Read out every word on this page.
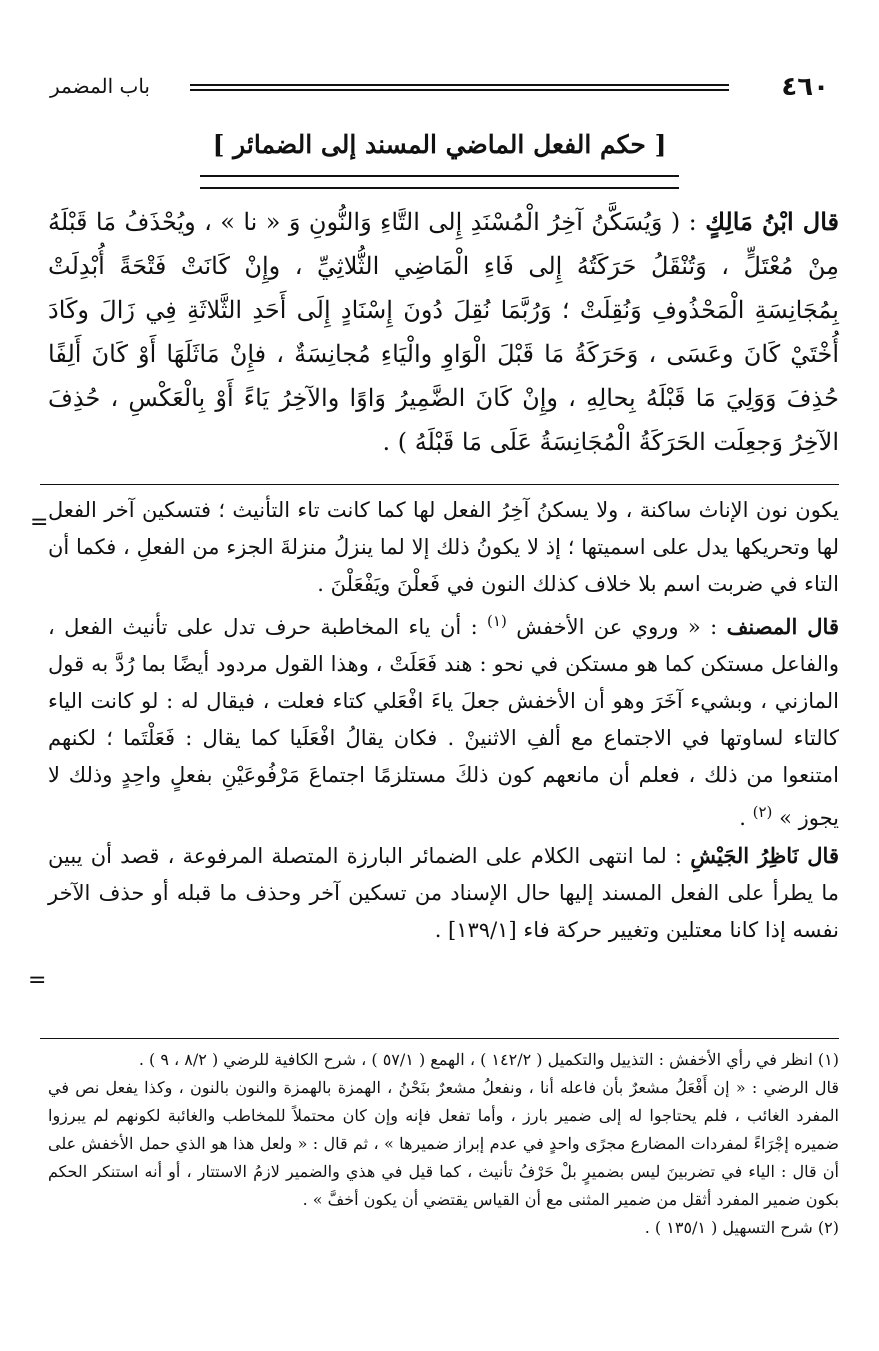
٤٦٠
باب المضمر
[ حكم الفعل الماضي المسند إلى الضمائر ]

قال ابْنُ مَالِكٍ : ( وَيُسَكَّنُ آخِرُ الْمُسْنَدِ إِلى التَّاءِ وَالنُّونِ وَ « نا » ، ويُحْذَفُ مَا قَبْلَهُ مِنْ مُعْتَلٍّ ، وَتُنْقَلُ حَرَكَتُهُ إِلى فَاءِ الْمَاضِي الثُّلاثِيِّ ، وإِنْ كَانَتْ فَتْحَةً أُبْدِلَتْ بِمُجَانِسَةِ الْمَحْذُوفِ وَنُقِلَتْ ؛ وَرُبَّمَا نُقِلَ دُونَ إِسْنَادٍ إِلَى أَحَدِ الثَّلاثَةِ فِي زَالَ وكَادَ أُخْتَيْ كَانَ وعَسَى ، وَحَرَكَةُ مَا قَبْلَ الْوَاوِ والْيَاءِ مُجانِسَةٌ ، فإِنْ مَاثَلَهَا أَوْ كَانَ أَلِفًا حُذِفَ وَوَلِيَ مَا قَبْلَهُ بِحالِهِ ، وإِنْ كَانَ الضَّمِيرُ وَاوًا والآخِرُ يَاءً أَوْ بِالْعَكْسِ ، حُذِفَ الآخِرُ وَجعِلَت الحَرَكَةُ الْمُجَانِسَةُ عَلَى مَا قَبْلَهُ ) .

= يكون نون الإناث ساكنة ، ولا يسكنُ آخِرُ الفعل لها كما كانت تاء التأنيث ؛ فتسكين آخر الفعل لها وتحريكها يدل على اسميتها ؛ إذ لا يكونُ ذلك إلا لما ينزلُ منزلةَ الجزء من الفعلِ ، فكما أن التاء في ضربت اسم بلا خلاف كذلك النون في فَعلْنَ ويَفْعَلْنَ .

قال المصنف : « وروي عن الأخفش $^{(١)}$ : أن ياء المخاطبة حرف تدل على تأنيث الفعل ، والفاعل مستكن كما هو مستكن في نحو : هند فَعَلَتْ ، وهذا القول مردود أيضًا بما رُدَّ به قول المازني ، وبشيء آخَرَ وهو أن الأخفش جعلَ ياءَ افْعَلي كتاء فعلت ، فيقال له : لو كانت الياء كالتاء لساوتها في الاجتماع مع ألفِ الاثنينْ . فكان يقالُ افْعَلَيا كما يقال : فَعَلْتَما ؛ لكنهم امتنعوا من ذلك ، فعلم أن مانعهم كون ذلكَ مستلزمًا اجتماعَ مَرْفُوعَيْنِ بفعلٍ واحِدٍ وذلك لا يجوز » $^{(٢)}$ .

قال نَاظِرُ الجَيْشِ : لما انتهى الكلام على الضمائر البارزة المتصلة المرفوعة ، قصد أن يبين ما يطرأ على الفعل المسند إليها حال الإسناد من تسكين آخر وحذف ما قبله أو حذف الآخر نفسه إذا كانا معتلين وتغيير حركة فاء [١٣٩/١] .

=

(١) انظر في رأي الأخفش : التذييل والتكميل ( ١٤٢/٢ ) ، الهمع ( ٥٧/١ ) ، شرح الكافية للرضي ( ٨/٢ ، ٩ ) .

قال الرضي : « إن أَفْعَلُ مشعرٌ بأن فاعله أنا ، ونفعلُ مشعرٌ بنَحْنُ ، الهمزة بالهمزة والنون بالنون ، وكذا يفعل نص في المفرد الغائب ، فلم يحتاجوا له إلى ضمير بارز ، وأما تفعل فإنه وإن كان محتملاً للمخاطب والغائبة لكونهم لم يبرزوا ضميره إجْرَاءً لمفردات المضارع مجرًى واحدٍ في عدم إبراز ضميرها » ، ثم قال : « ولعل هذا هو الذي حمل الأخفش على أن قال : الياء في تضربينَ ليس بضميرٍ بلْ حَرْفُ تأنيث ، كما قيل في هذي والضمير لازمُ الاستتار ، أو أنه استنكر الحكم بكون ضمير المفرد أثقل من ضمير المثنى مع أن القياس يقتضي أن يكون أخفَّ » .

(٢) شرح التسهيل ( ١٣٥/١ ) .
